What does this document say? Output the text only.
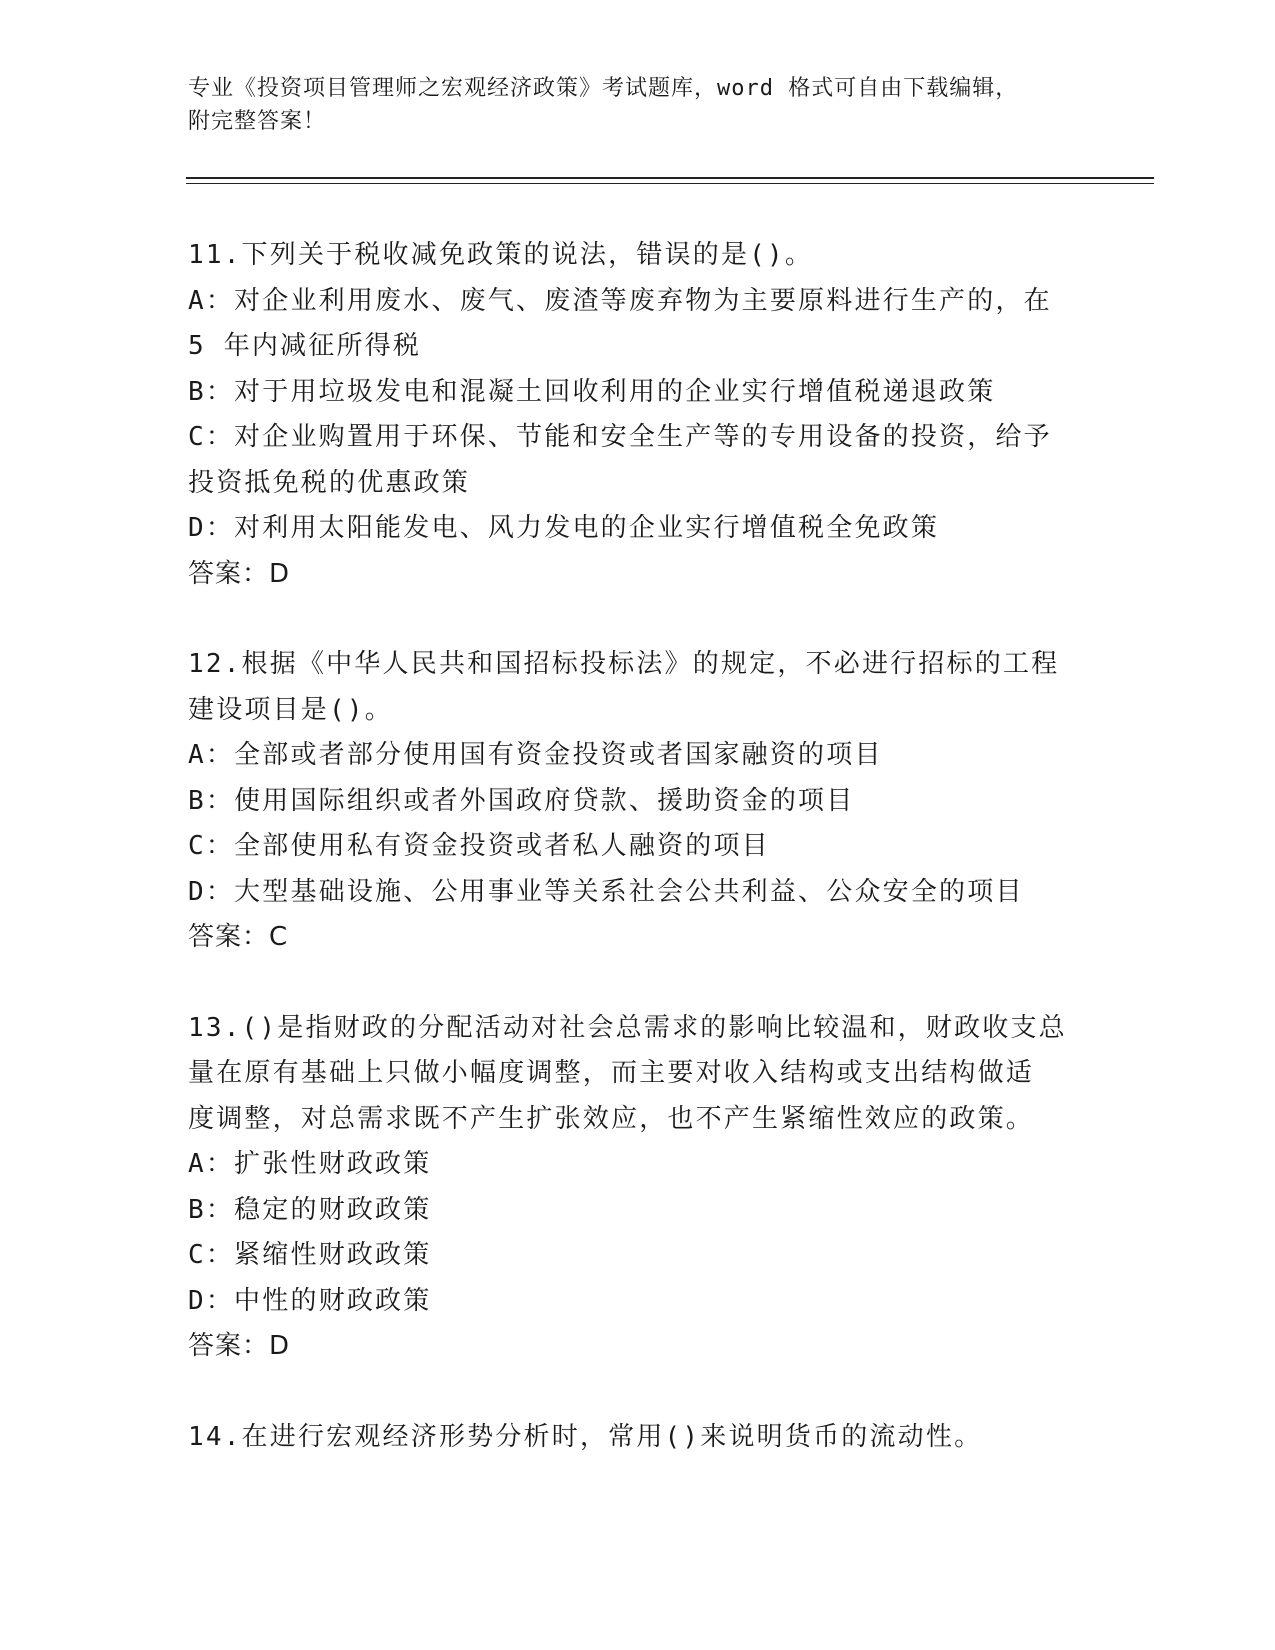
专业《投资项目管理师之宏观经济政策》考试题库，word 格式可自由下载编辑，
附完整答案！
11.下列关于税收减免政策的说法，错误的是()。
A：对企业利用废水、废气、废渣等废弃物为主要原料进行生产的，在
5 年内减征所得税
B：对于用垃圾发电和混凝土回收利用的企业实行增值税递退政策
C：对企业购置用于环保、节能和安全生产等的专用设备的投资，给予
投资抵免税的优惠政策
D：对利用太阳能发电、风力发电的企业实行增值税全免政策
答案：D
12.根据《中华人民共和国招标投标法》的规定，不必进行招标的工程
建设项目是()。
A：全部或者部分使用国有资金投资或者国家融资的项目
B：使用国际组织或者外国政府贷款、援助资金的项目
C：全部使用私有资金投资或者私人融资的项目
D：大型基础设施、公用事业等关系社会公共利益、公众安全的项目
答案：C
13.()是指财政的分配活动对社会总需求的影响比较温和，财政收支总
量在原有基础上只做小幅度调整，而主要对收入结构或支出结构做适
度调整，对总需求既不产生扩张效应，也不产生紧缩性效应的政策。
A：扩张性财政政策
B：稳定的财政政策
C：紧缩性财政政策
D：中性的财政政策
答案：D
14.在进行宏观经济形势分析时，常用()来说明货币的流动性。
